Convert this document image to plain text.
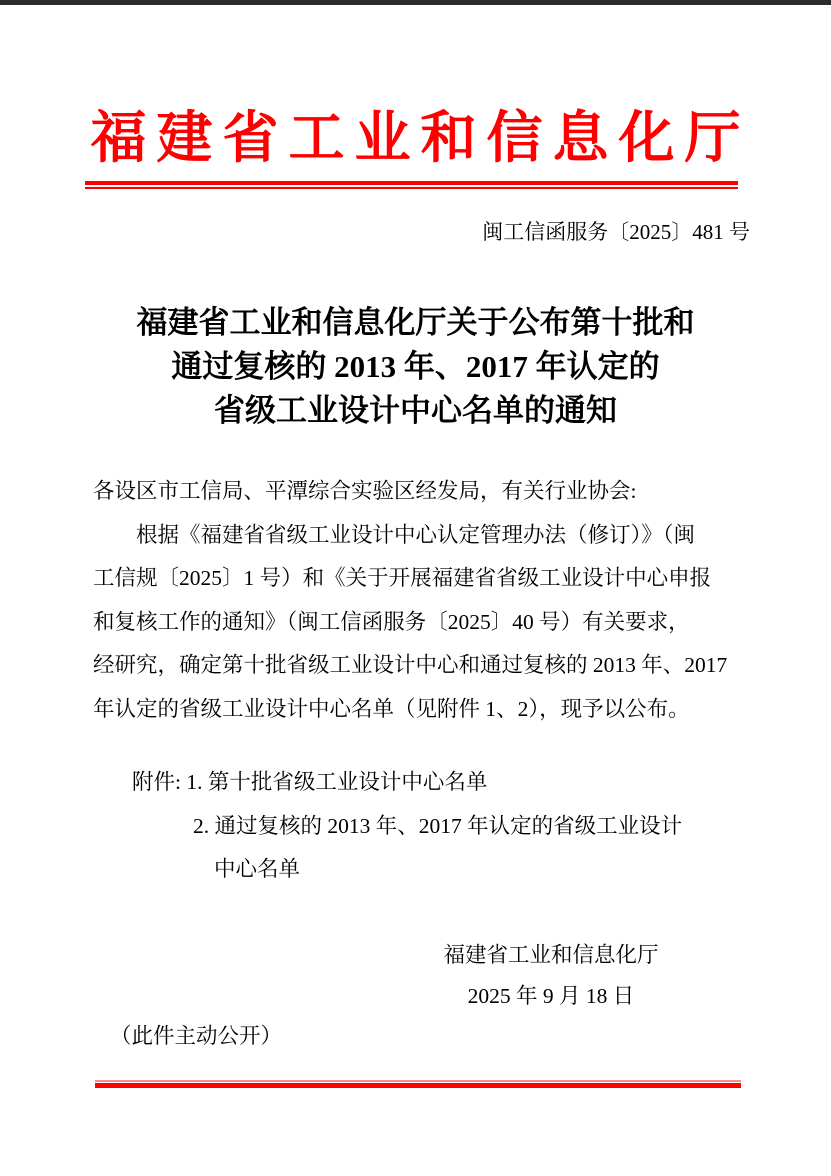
福建省工业和信息化厅
闽工信函服务〔2025〕481 号
福建省工业和信息化厅关于公布第十批和
通过复核的 2013 年、2017 年认定的
省级工业设计中心名单的通知
各设区市工信局、平潭综合实验区经发局，有关行业协会:
根据《福建省省级工业设计中心认定管理办法（修订）》（闽
工信规〔2025〕1 号）和《关于开展福建省省级工业设计中心申报
和复核工作的通知》（闽工信函服务〔2025〕40 号）有关要求，
经研究，确定第十批省级工业设计中心和通过复核的 2013 年、2017
年认定的省级工业设计中心名单（见附件 1、2），现予以公布。
附件: 1. 第十批省级工业设计中心名单
2. 通过复核的 2013 年、2017 年认定的省级工业设计
中心名单
福建省工业和信息化厅
2025 年 9 月 18 日
（此件主动公开）
